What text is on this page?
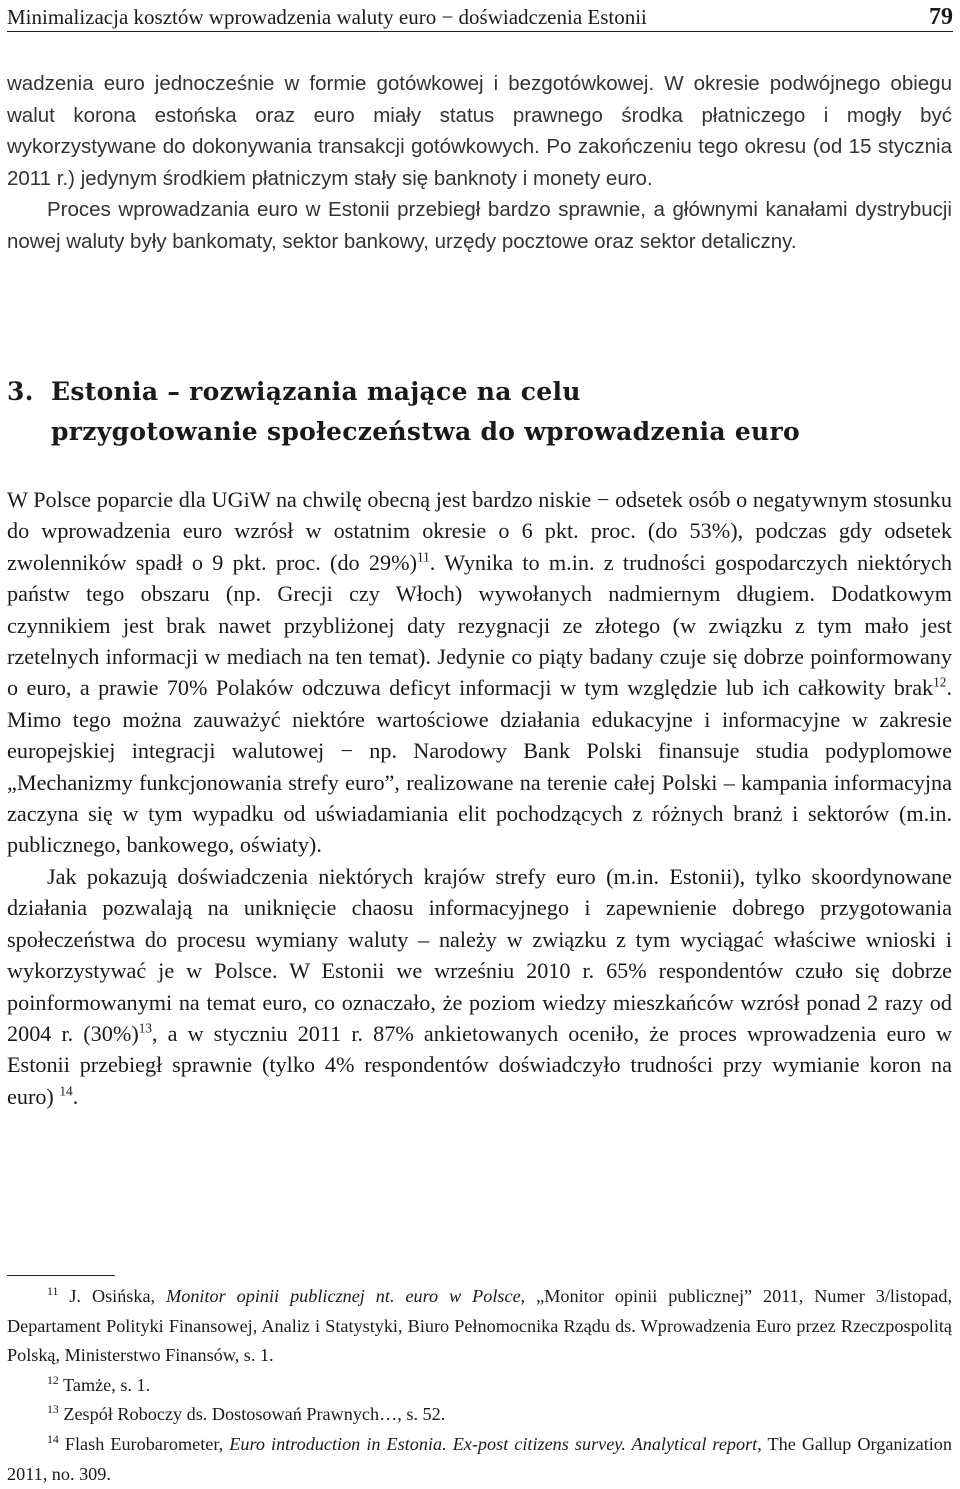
Minimalizacja kosztów wprowadzenia waluty euro − doświadczenia Estonii	79
wadzenia euro jednocześnie w formie gotówkowej i bezgotówkowej. W okresie podwójnego obiegu walut korona estońska oraz euro miały status prawnego środka płatniczego i mogły być wykorzystywane do dokonywania transakcji gotówkowych. Po zakończeniu tego okresu (od 15 stycznia 2011 r.) jedynym środkiem płatniczym stały się banknoty i monety euro.
Proces wprowadzania euro w Estonii przebiegł bardzo sprawnie, a głównymi kanałami dystrybucji nowej waluty były bankomaty, sektor bankowy, urzędy pocztowe oraz sektor detaliczny.
3. Estonia – rozwiązania mające na celu
przygotowanie społeczeństwa do wprowadzenia euro
W Polsce poparcie dla UGiW na chwilę obecną jest bardzo niskie − odsetek osób o negatywnym stosunku do wprowadzenia euro wzrósł w ostatnim okresie o 6 pkt. proc. (do 53%), podczas gdy odsetek zwolenników spadł o 9 pkt. proc. (do 29%)$^{11}$. Wynika to m.in. z trudności gospodarczych niektórych państw tego obszaru (np. Grecji czy Włoch) wywołanych nadmiernym długiem. Dodatkowym czynnikiem jest brak nawet przybliżonej daty rezygnacji ze złotego (w związku z tym mało jest rzetelnych informacji w mediach na ten temat). Jedynie co piąty badany czuje się dobrze poinformowany o euro, a prawie 70% Polaków odczuwa deficyt informacji w tym względzie lub ich całkowity brak$^{12}$. Mimo tego można zauważyć niektóre wartościowe działania edukacyjne i informacyjne w zakresie europejskiej integracji walutowej − np. Narodowy Bank Polski finansuje studia podyplomowe „Mechanizmy funkcjonowania strefy euro”, realizowane na terenie całej Polski – kampania informacyjna zaczyna się w tym wypadku od uświadamiania elit pochodzących z różnych branż i sektorów (m.in. publicznego, bankowego, oświaty).
Jak pokazują doświadczenia niektórych krajów strefy euro (m.in. Estonii), tylko skoordynowane działania pozwalają na uniknięcie chaosu informacyjnego i zapewnienie dobrego przygotowania społeczeństwa do procesu wymiany waluty – należy w związku z tym wyciągać właściwe wnioski i wykorzystywać je w Polsce. W Estonii we wrześniu 2010 r. 65% respondentów czuło się dobrze poinformowanymi na temat euro, co oznaczało, że poziom wiedzy mieszkańców wzrósł ponad 2 razy od 2004 r. $(30\%)^{13}$, a w styczniu 2011 r. 87% ankietowanych oceniło, że proces wprowadzenia euro w Estonii przebiegł sprawnie (tylko 4% respondentów doświadczyło trudności przy wymianie koron na euro) $^{14}$.
$^{11}$ J. Osińska, Monitor opinii publicznej nt. euro w Polsce, „Monitor opinii publicznej” 2011, Numer 3/listopad, Departament Polityki Finansowej, Analiz i Statystyki, Biuro Pełnomocnika Rządu ds. Wprowadzenia Euro przez Rzeczpospolitą Polską, Ministerstwo Finansów, s. 1.
$^{12}$ Tamże, s. 1.
$^{13}$ Zespół Roboczy ds. Dostosowań Prawnych…, s. 52.
$^{14}$ Flash Eurobarometer, Euro introduction in Estonia. Ex-post citizens survey. Analytical report, The Gallup Organization 2011, no. 309.
